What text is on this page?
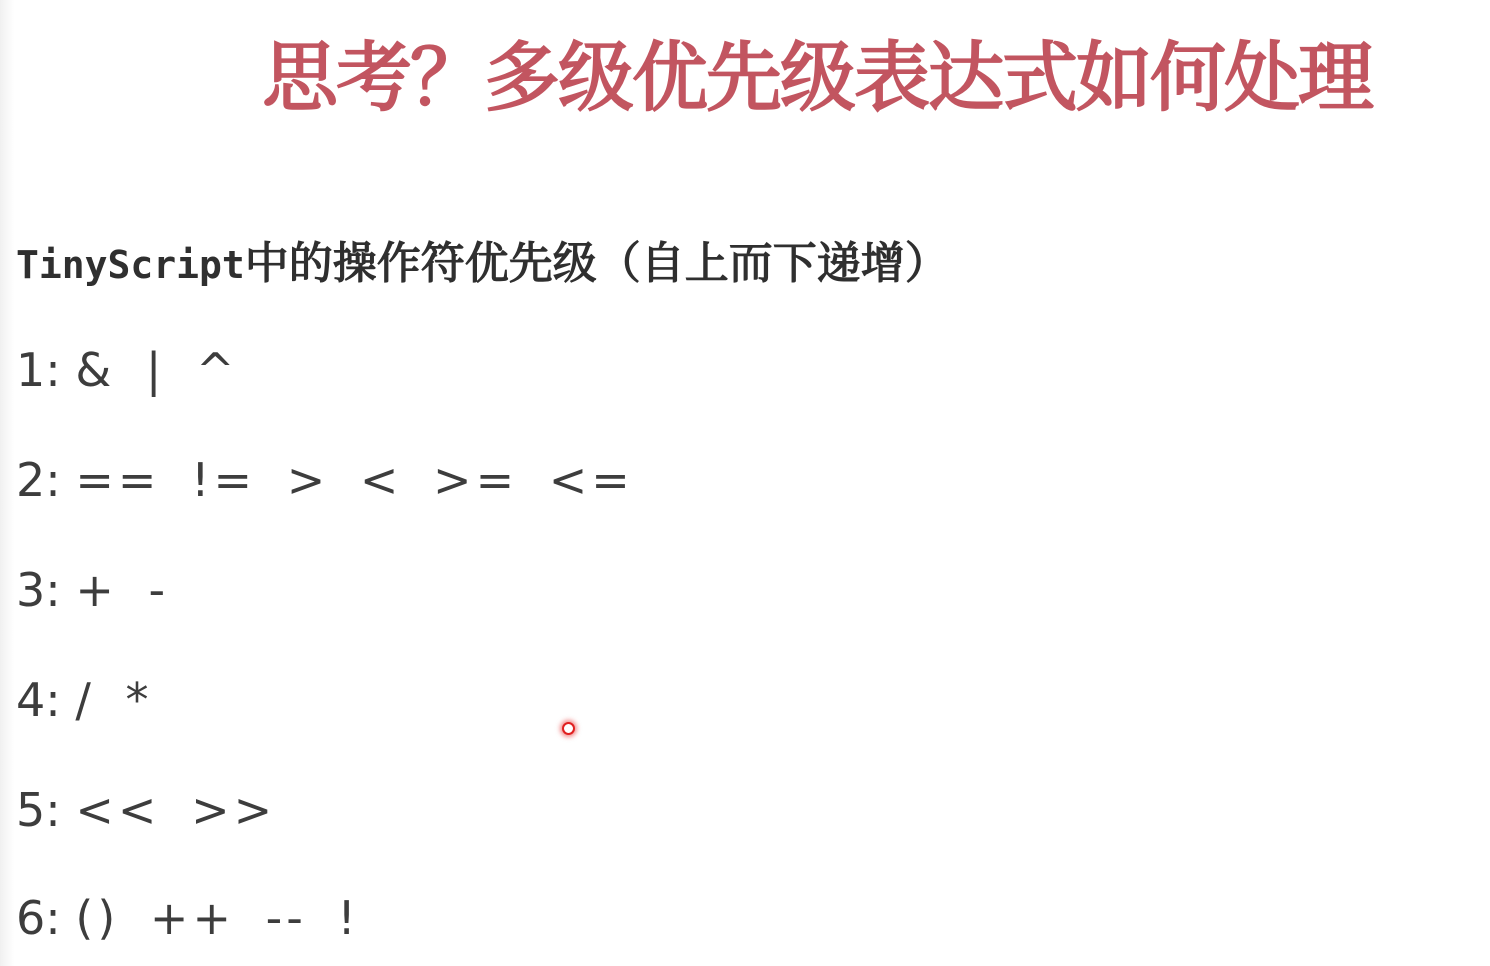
思考？多级优先级表达式如何处理
TinyScript中的操作符优先级（自上而下递增）
1: & | ^
2: == != > < >= <=
3: + -
4: / *
5: << >>
6: () ++ -- !
